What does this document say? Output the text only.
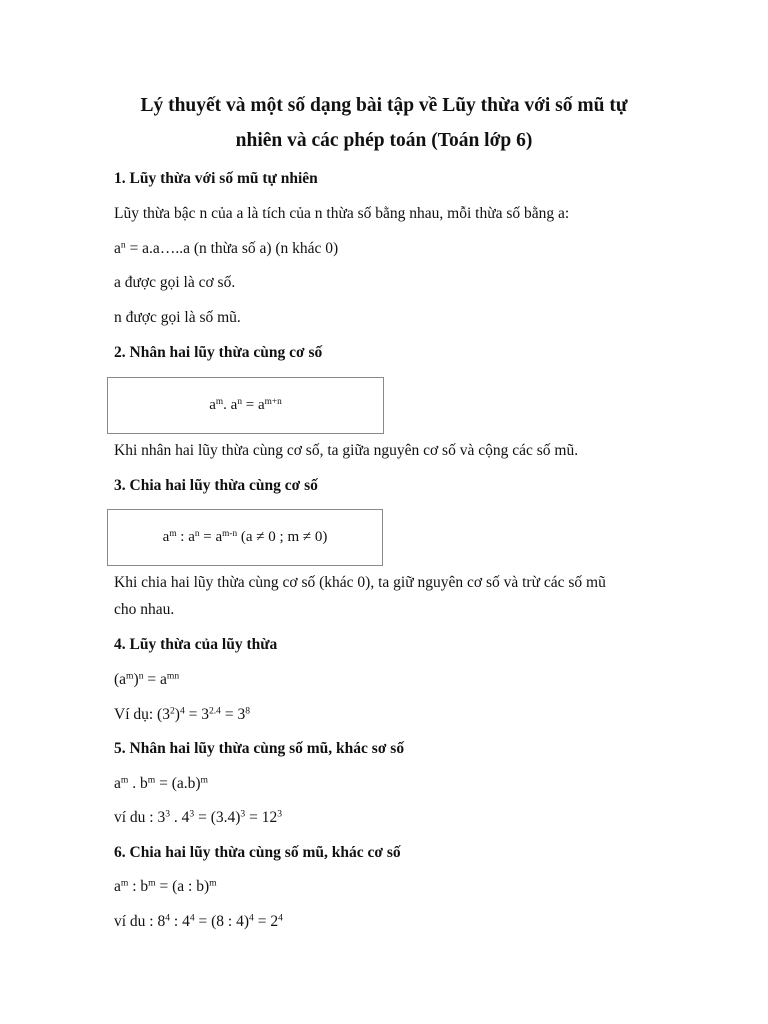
Lý thuyết và một số dạng bài tập về Lũy thừa với số mũ tự
nhiên và các phép toán (Toán lớp 6)
1. Lũy thừa với số mũ tự nhiên
Lũy thừa bậc n của a là tích của n thừa số bằng nhau, mỗi thừa số bằng a:
$a^n$ = a.a…..a (n thừa số a) (n khác 0)
a được gọi là cơ số.
n được gọi là số mũ.
2. Nhân hai lũy thừa cùng cơ số
$a^m$. $a^n = a^{m+n}$
Khi nhân hai lũy thừa cùng cơ số, ta giữa nguyên cơ số và cộng các số mũ.
3. Chia hai lũy thừa cùng cơ số
$a^m$ : $a^n = a^{m-n}$ (a ≠ 0 ; m ≠ 0)
Khi chia hai lũy thừa cùng cơ số (khác 0), ta giữ nguyên cơ số và trừ các số mũ
cho nhau.
4. Lũy thừa của lũy thừa
$(a^m)^n = a^{mn}$
Ví dụ: $(3^2)^4 = 3^{2.4} = 3^8$
5. Nhân hai lũy thừa cùng số mũ, khác sơ số
$a^m$ . $b^m = (a.b)^m$
ví du : $3^3$ . $4^3 = (3.4)^3 = 12^3$
6. Chia hai lũy thừa cùng số mũ, khác cơ số
$a^m$ : $b^m = (a$ : b)$^m$
ví du : $8^4$ : $4^4 = (8$ : $4)^4 = 2^4$
